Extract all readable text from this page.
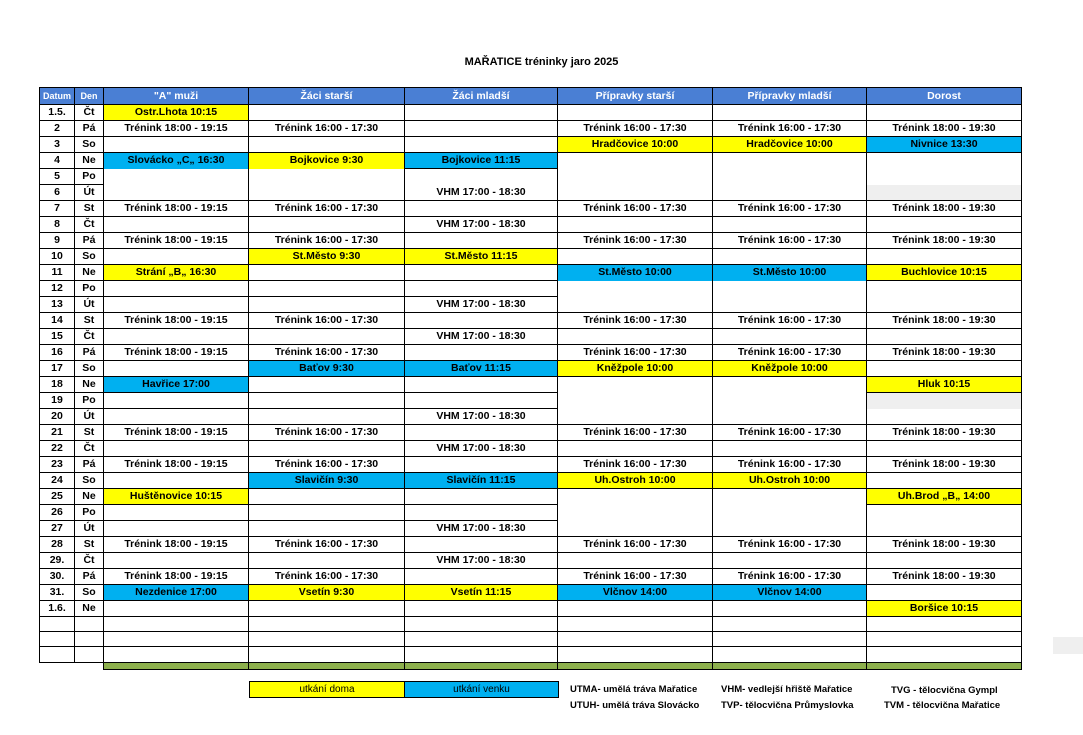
MAŘATICE tréninky jaro 2025
Datum	Den	"A" muži	Žáci starší	Žáci mladší	Přípravky starší	Přípravky mladší	Dorost
1.5.	Čt	Ostr.Lhota 10:15					
2	Pá	Trénink 18:00 - 19:15	Trénink 16:00 - 17:30		Trénink 16:00 - 17:30	Trénink 16:00 - 17:30	Trénink 18:00 - 19:30
3	So				Hradčovice 10:00	Hradčovice 10:00	Nivnice 13:30
4	Ne	Slovácko „C„ 16:30	Bojkovice 9:30	Bojkovice 11:15			
5	Po						
6	Út			VHM 17:00 - 18:30			
7	St	Trénink 18:00 - 19:15	Trénink 16:00 - 17:30		Trénink 16:00 - 17:30	Trénink 16:00 - 17:30	Trénink 18:00 - 19:30
8	Čt			VHM 17:00 - 18:30			
9	Pá	Trénink 18:00 - 19:15	Trénink 16:00 - 17:30		Trénink 16:00 - 17:30	Trénink 16:00 - 17:30	Trénink 18:00 - 19:30
10	So		St.Město 9:30	St.Město 11:15			
11	Ne	Strání „B„ 16:30			St.Město 10:00	St.Město 10:00	Buchlovice 10:15
12	Po						
13	Út			VHM 17:00 - 18:30			
14	St	Trénink 18:00 - 19:15	Trénink 16:00 - 17:30		Trénink 16:00 - 17:30	Trénink 16:00 - 17:30	Trénink 18:00 - 19:30
15	Čt			VHM 17:00 - 18:30			
16	Pá	Trénink 18:00 - 19:15	Trénink 16:00 - 17:30		Trénink 16:00 - 17:30	Trénink 16:00 - 17:30	Trénink 18:00 - 19:30
17	So		Baťov 9:30	Baťov 11:15	Kněžpole 10:00	Kněžpole 10:00	
18	Ne	Havřice 17:00					Hluk 10:15
19	Po						
20	Út			VHM 17:00 - 18:30			
21	St	Trénink 18:00 - 19:15	Trénink 16:00 - 17:30		Trénink 16:00 - 17:30	Trénink 16:00 - 17:30	Trénink 18:00 - 19:30
22	Čt			VHM 17:00 - 18:30			
23	Pá	Trénink 18:00 - 19:15	Trénink 16:00 - 17:30		Trénink 16:00 - 17:30	Trénink 16:00 - 17:30	Trénink 18:00 - 19:30
24	So		Slavičín 9:30	Slavičín 11:15	Uh.Ostroh 10:00	Uh.Ostroh 10:00	
25	Ne	Huštěnovice 10:15					Uh.Brod „B„ 14:00
26	Po						
27	Út			VHM 17:00 - 18:30			
28	St	Trénink 18:00 - 19:15	Trénink 16:00 - 17:30		Trénink 16:00 - 17:30	Trénink 16:00 - 17:30	Trénink 18:00 - 19:30
29.	Čt			VHM 17:00 - 18:30			
30.	Pá	Trénink 18:00 - 19:15	Trénink 16:00 - 17:30		Trénink 16:00 - 17:30	Trénink 16:00 - 17:30	Trénink 18:00 - 19:30
31.	So	Nezdenice 17:00	Vsetín 9:30	Vsetín 11:15	Vlčnov 14:00	Vlčnov 14:00	
1.6.	Ne						Boršice 10:15

utkání doma	utkání venku	UTMA- umělá tráva Mařatice
UTUH- umělá tráva Slovácko
VHM- vedlejší hřiště Mařatice
TVP- tělocvična Průmyslovka
TVG - tělocvična Gympl
TVM - tělocvična Mařatice
